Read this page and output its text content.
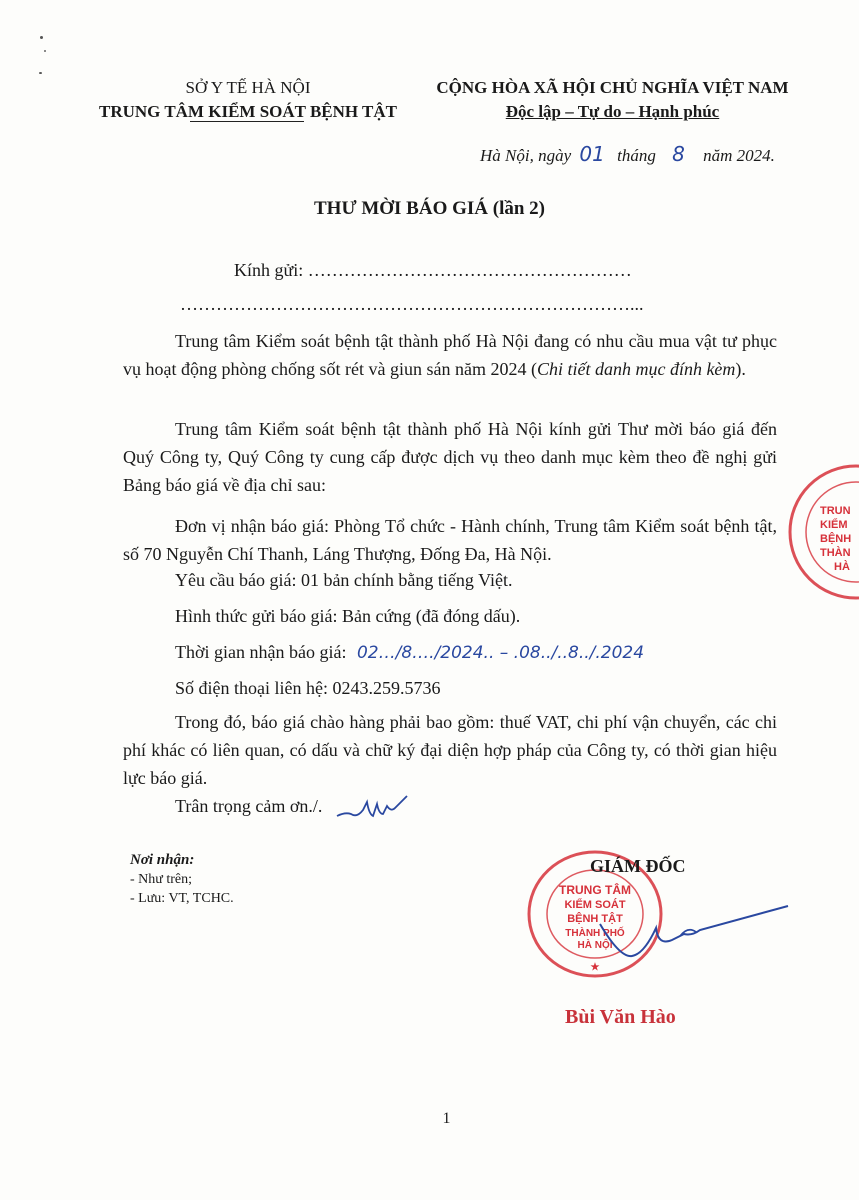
SỞ Y TẾ HÀ NỘI
TRUNG TÂM KIỂM SOÁT BỆNH TẬT
CỘNG HÒA XÃ HỘI CHỦ NGHĨA VIỆT NAM
Độc lập – Tự do – Hạnh phúc
Hà Nội, ngày 01 tháng 8 năm 2024.
THƯ MỜI BÁO GIÁ (lần 2)
Kính gửi: ………………………………………………
…………………………………………………………………...
Trung tâm Kiểm soát bệnh tật thành phố Hà Nội đang có nhu cầu mua vật tư phục vụ hoạt động phòng chống sốt rét và giun sán năm 2024 (Chi tiết danh mục đính kèm).
Trung tâm Kiểm soát bệnh tật thành phố Hà Nội kính gửi Thư mời báo giá đến Quý Công ty, Quý Công ty cung cấp được dịch vụ theo danh mục kèm theo đề nghị gửi Bảng báo giá về địa chỉ sau:
Đơn vị nhận báo giá: Phòng Tổ chức - Hành chính, Trung tâm Kiểm soát bệnh tật, số 70 Nguyễn Chí Thanh, Láng Thượng, Đống Đa, Hà Nội.
Yêu cầu báo giá: 01 bản chính bằng tiếng Việt.
Hình thức gửi báo giá: Bản cứng (đã đóng dấu).
Thời gian nhận báo giá: 02…/8…./2024.. – .08../..8../.2024
Số điện thoại liên hệ: 0243.259.5736
Trong đó, báo giá chào hàng phải bao gồm: thuế VAT, chi phí vận chuyển, các chi phí khác có liên quan, có dấu và chữ ký đại diện hợp pháp của Công ty, có thời gian hiệu lực báo giá.
Trân trọng cảm ơn./.
Nơi nhận:
- Như trên;
- Lưu: VT, TCHC.
TRUNG TÂM
KIỂM SOÁT
BỆNH TẬT
THÀNH PHỐ
HÀ NỘI
★
GIÁM ĐỐC
Bùi Văn Hào
TRUN
KIỂM
BỆNH
THÀN
HÀ
1
